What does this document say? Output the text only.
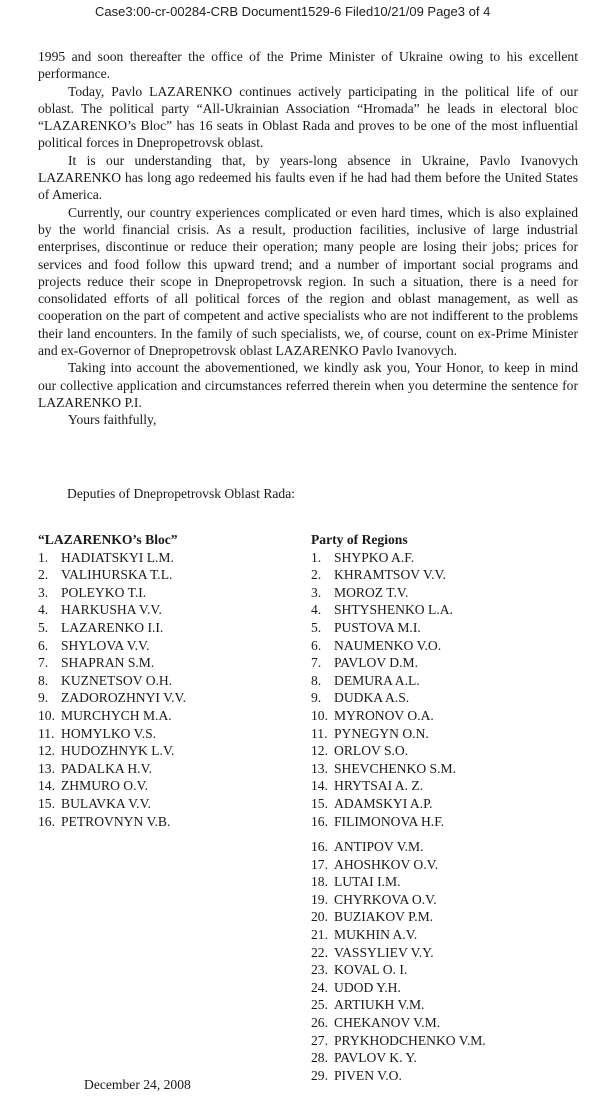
Case3:00-cr-00284-CRB Document1529-6 Filed10/21/09 Page3 of 4

1995 and soon thereafter the office of the Prime Minister of Ukraine owing to his excellent performance.

Today, Pavlo LAZARENKO continues actively participating in the political life of our oblast. The political party “All-Ukrainian Association “Hromada” he leads in electoral bloc “LAZARENKO’s Bloc” has 16 seats in Oblast Rada and proves to be one of the most influential political forces in Dnepropetrovsk oblast.

It is our understanding that, by years-long absence in Ukraine, Pavlo Ivanovych LAZARENKO has long ago redeemed his faults even if he had had them before the United States of America.

Currently, our country experiences complicated or even hard times, which is also explained by the world financial crisis. As a result, production facilities, inclusive of large industrial enterprises, discontinue or reduce their operation; many people are losing their jobs; prices for services and food follow this upward trend; and a number of important social programs and projects reduce their scope in Dnepropetrovsk region. In such a situation, there is a need for consolidated efforts of all political forces of the region and oblast management, as well as cooperation on the part of competent and active specialists who are not indifferent to the problems their land encounters. In the family of such specialists, we, of course, count on ex-Prime Minister and ex-Governor of Dnepropetrovsk oblast LAZARENKO Pavlo Ivanovych.

Taking into account the abovementioned, we kindly ask you, Your Honor, to keep in mind our collective application and circumstances referred therein when you determine the sentence for LAZARENKO P.I.

Yours faithfully,

Deputies of Dnepropetrovsk Oblast Rada:
“LAZARENKO’s Bloc”
1. HADIATSKYI L.M.
2. VALIHURSKA T.L.
3. POLEYKO T.I.
4. HARKUSHA V.V.
5. LAZARENKO I.I.
6. SHYLOVA V.V.
7. SHAPRAN S.M.
8. KUZNETSOV O.H.
9. ZADOROZHNYI V.V.
10. MURCHYCH M.A.
11. HOMYLKO V.S.
12. HUDOZHNYK L.V.
13. PADALKA H.V.
14. ZHMURO O.V.
15. BULAVKA V.V.
16. PETROVNYN V.B.
Party of Regions
1. SHYPKO A.F.
2. KHRAMTSOV V.V.
3. MOROZ T.V.
4. SHTYSHENKO L.A.
5. PUSTOVA M.I.
6. NAUMENKO V.O.
7. PAVLOV D.M.
8. DEMURA A.L.
9. DUDKA A.S.
10. MYRONOV O.A.
11. PYNEGYN O.N.
12. ORLOV S.O.
13. SHEVCHENKO S.M.
14. HRYTSAI A. Z.
15. ADAMSKYI A.P.
16. FILIMONOVA H.F.
16. ANTIPOV V.M.
17. AHOSHKOV O.V.
18. LUTAI I.M.
19. CHYRKOVA O.V.
20. BUZIAKOV P.M.
21. MUKHIN A.V.
22. VASSYLIEV V.Y.
23. KOVAL O. I.
24. UDOD Y.H.
25. ARTIUKH V.M.
26. CHEKANOV V.M.
27. PRYKHODCHENKO V.M.
28. PAVLOV K. Y.
29. PIVEN V.O.
December 24, 2008
